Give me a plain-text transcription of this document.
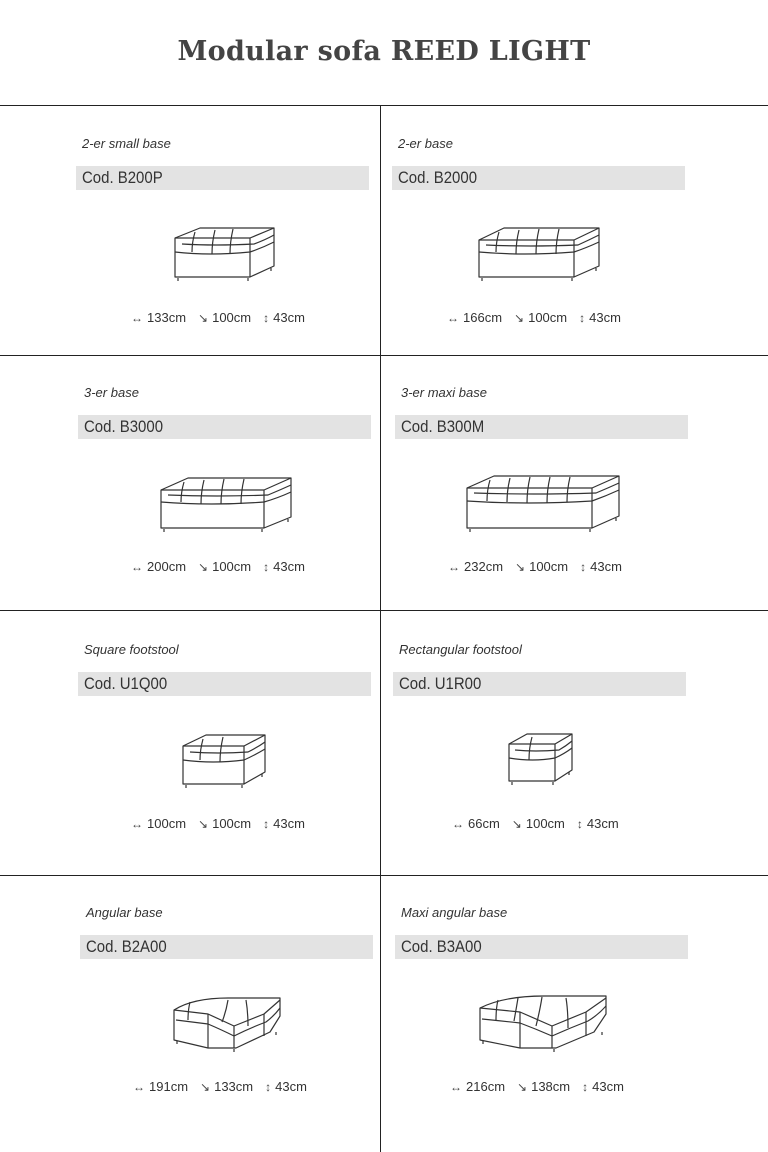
Modular sofa REED LIGHT
2-er small base
Cod. B200P
↔ 133cm ↘ 100cm ↕ 43cm
2-er base
Cod. B2000
↔ 166cm ↘ 100cm ↕ 43cm
3-er base
Cod. B3000
↔ 200cm ↘ 100cm ↕ 43cm
3-er maxi base
Cod. B300M
↔ 232cm ↘ 100cm ↕ 43cm
Square footstool
Cod. U1Q00
↔ 100cm ↘ 100cm ↕ 43cm
Rectangular footstool
Cod. U1R00
↔ 66cm ↘ 100cm ↕ 43cm
Angular base
Cod. B2A00
↔ 191cm ↘ 133cm ↕ 43cm
Maxi angular base
Cod. B3A00
↔ 216cm ↘ 138cm ↕ 43cm
